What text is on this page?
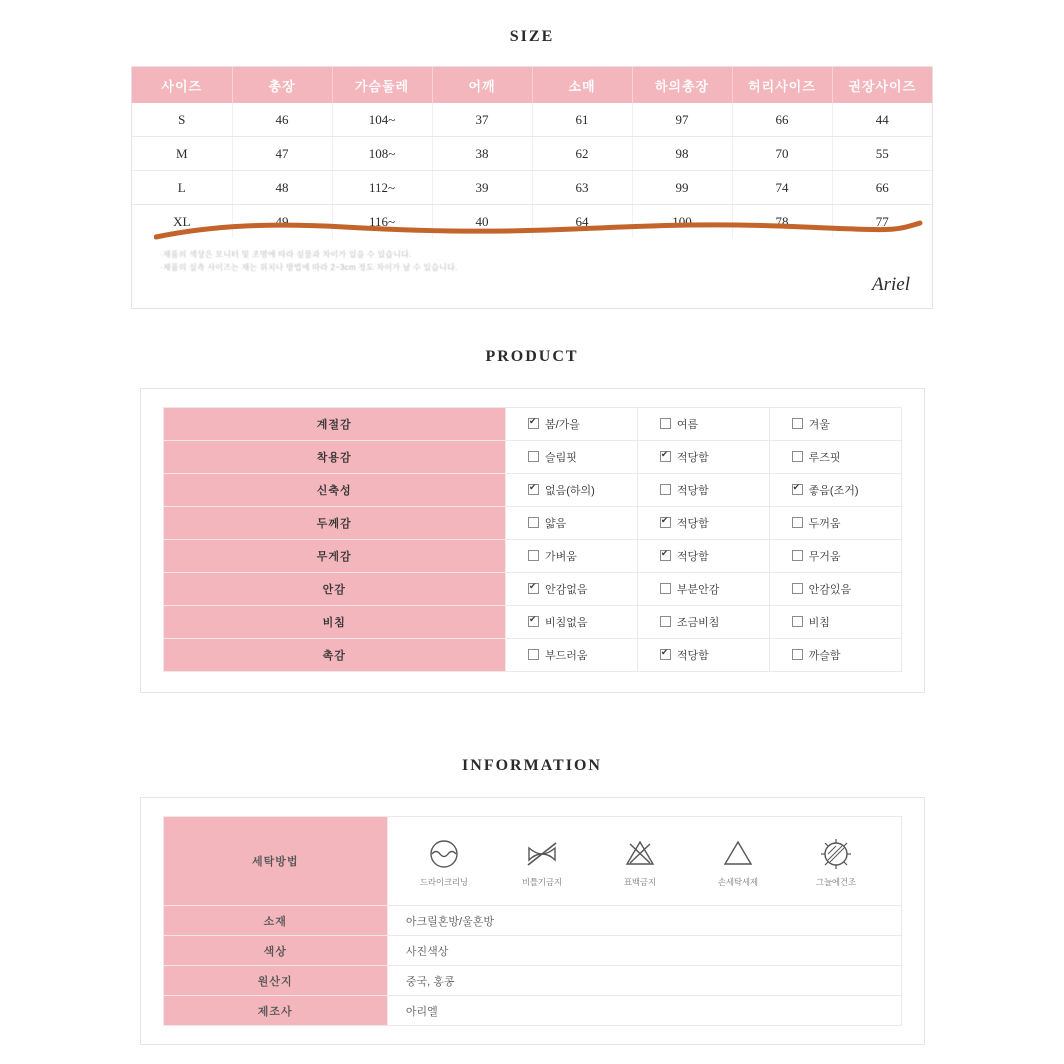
SIZE
사이즈	총장	가슴둘레	어깨	소매	하의총장	허리사이즈	권장사이즈
S	46	104~	37	61	97	66	44
M	47	108~	38	62	98	70	55
L	48	112~	39	63	99	74	66
XL	49	116~	40	64	100	78	77
·제품의 색상은 모니터 및 조명에 따라 실물과 차이가 있을 수 있습니다.
·제품의 실측 사이즈는 재는 위치나 방법에 따라 2~3cm 정도 차이가 날 수 있습니다.
Ariel
PRODUCT
계절감	✔봄/가을	여름	겨울
착용감	슬림핏	✔적당함	루즈핏
신축성	✔없음(하의)	적당함	✔좋음(조거)
두께감	얇음	✔적당함	두꺼움
무게감	가벼움	✔적당함	무거움
안감	✔안감없음	부분안감	안감있음
비침	✔비침없음	조금비침	비침
촉감	부드러움	✔적당함	까슬함
INFORMATION
세탁방법	드라이크리닝 비틀기금지 표백금지 손세탁세제 그늘에건조

소재	아크릴혼방/울혼방
색상	사진색상
원산지	중국, 홍콩
제조사	아리엘
